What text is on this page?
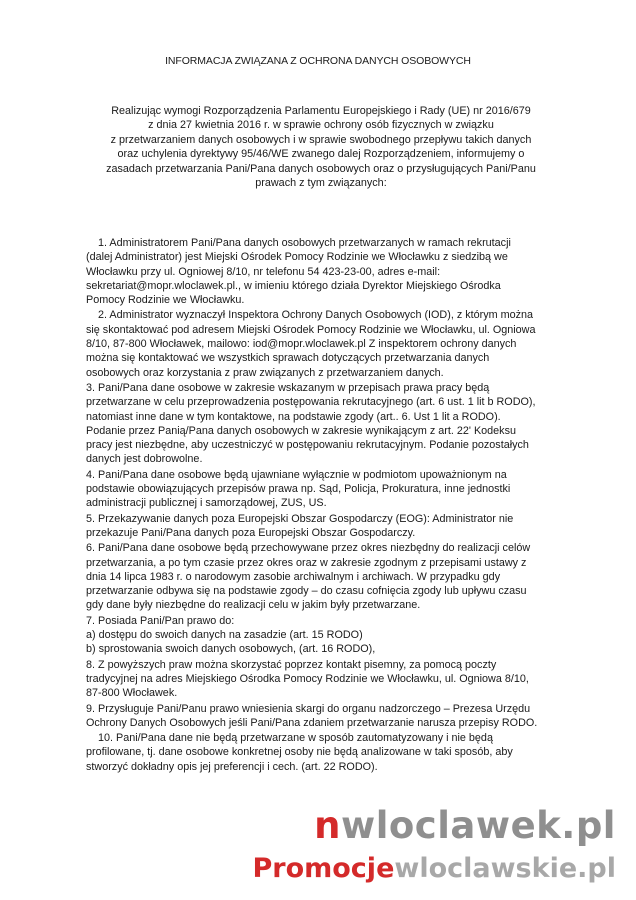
INFORMACJA ZWIĄZANA Z OCHRONA DANYCH OSOBOWYCH
Realizując wymogi Rozporządzenia Parlamentu Europejskiego i Rady (UE) nr 2016/679
z dnia 27 kwietnia 2016 r. w sprawie ochrony osób fizycznych w związku
z przetwarzaniem danych osobowych i w sprawie swobodnego przepływu takich danych
oraz uchylenia dyrektywy 95/46/WE zwanego dalej Rozporządzeniem, informujemy o
zasadach przetwarzania Pani/Pana danych osobowych oraz o przysługujących Pani/Panu
prawach z tym związanych:
1. Administratorem Pani/Pana danych osobowych przetwarzanych w ramach rekrutacji
(dalej Administrator) jest Miejski Ośrodek Pomocy Rodzinie we Włocławku z siedzibą we
Włocławku przy ul. Ogniowej 8/10, nr telefonu 54 423-23-00, adres e-mail:
sekretariat@mopr.wloclawek.pl., w imieniu którego działa Dyrektor Miejskiego Ośrodka
Pomocy Rodzinie we Włocławku.
2. Administrator wyznaczył Inspektora Ochrony Danych Osobowych (IOD), z którym można
się skontaktować pod adresem Miejski Ośrodek Pomocy Rodzinie we Włocławku, ul. Ogniowa
8/10, 87-800 Włocławek, mailowo: iod@mopr.wloclawek.pl Z inspektorem ochrony danych
można się kontaktować we wszystkich sprawach dotyczących przetwarzania danych
osobowych oraz korzystania z praw związanych z przetwarzaniem danych.
3. Pani/Pana dane osobowe w zakresie wskazanym w przepisach prawa pracy będą
przetwarzane w celu przeprowadzenia postępowania rekrutacyjnego (art. 6 ust. 1 lit b RODO),
natomiast inne dane w tym kontaktowe, na podstawie zgody (art.. 6. Ust 1 lit a RODO).
Podanie przez Panią/Pana danych osobowych w zakresie wynikającym z art. 22' Kodeksu
pracy jest niezbędne, aby uczestniczyć w postępowaniu rekrutacyjnym. Podanie pozostałych
danych jest dobrowolne.
4. Pani/Pana dane osobowe będą ujawniane wyłącznie w podmiotom upoważnionym na
podstawie obowiązujących przepisów prawa np. Sąd, Policja, Prokuratura, inne jednostki
administracji publicznej i samorządowej, ZUS, US.
5. Przekazywanie danych poza Europejski Obszar Gospodarczy (EOG): Administrator nie
przekazuje Pani/Pana danych poza Europejski Obszar Gospodarczy.
6. Pani/Pana dane osobowe będą przechowywane przez okres niezbędny do realizacji celów
przetwarzania, a po tym czasie przez okres oraz w zakresie zgodnym z przepisami ustawy z
dnia 14 lipca 1983 r. o narodowym zasobie archiwalnym i archiwach. W przypadku gdy
przetwarzanie odbywa się na podstawie zgody – do czasu cofnięcia zgody lub upływu czasu
gdy dane były niezbędne do realizacji celu w jakim były przetwarzane.
7. Posiada Pani/Pan prawo do:
a) dostępu do swoich danych na zasadzie (art. 15 RODO)
b) sprostowania swoich danych osobowych, (art. 16 RODO),
8. Z powyższych praw można skorzystać poprzez kontakt pisemny, za pomocą poczty
tradycyjnej na adres Miejskiego Ośrodka Pomocy Rodzinie we Włocławku, ul. Ogniowa 8/10,
87-800 Włocławek.
9. Przysługuje Pani/Panu prawo wniesienia skargi do organu nadzorczego – Prezesa Urzędu
Ochrony Danych Osobowych jeśli Pani/Pana zdaniem przetwarzanie narusza przepisy RODO.
10. Pani/Pana dane nie będą przetwarzane w sposób zautomatyzowany i nie będą
profilowane, tj. dane osobowe konkretnej osoby nie będą analizowane w taki sposób, aby
stworzyć dokładny opis jej preferencji i cech. (art. 22 RODO).
nwloclawek.pl
Promocjewloclawskie.pl
